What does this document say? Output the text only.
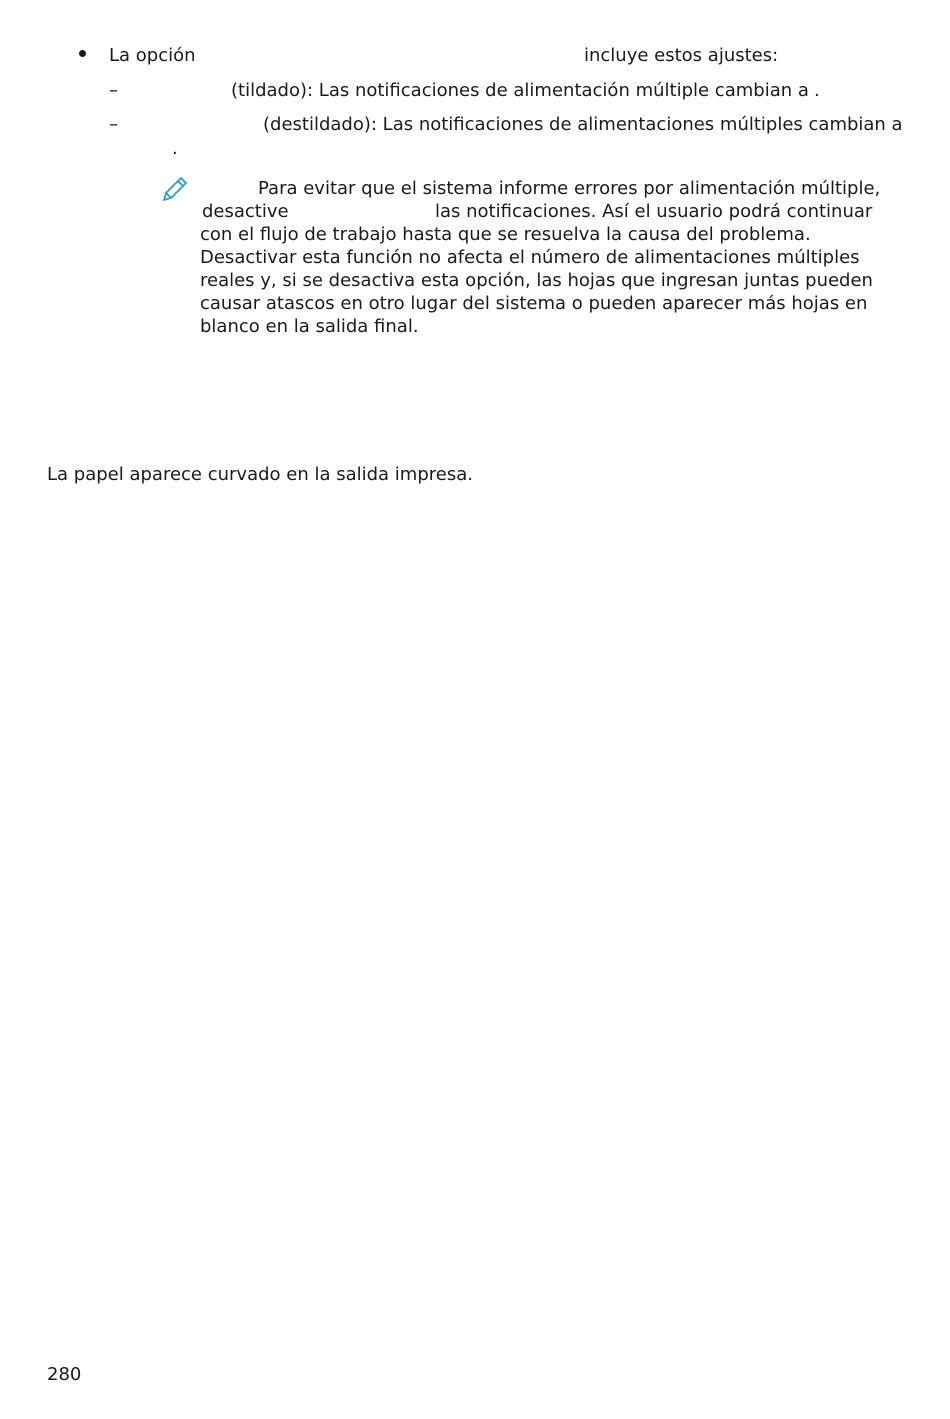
La opción	incluye estos ajustes:
–	(tildado): Las notificaciones de alimentación múltiple cambian a .
–	(destildado): Las notificaciones de alimentaciones múltiples cambian a
.
Para evitar que el sistema informe errores por alimentación múltiple,
desactive	las notificaciones. Así el usuario podrá continuar
con el flujo de trabajo hasta que se resuelva la causa del problema.
Desactivar esta función no afecta el número de alimentaciones múltiples
reales y, si se desactiva esta opción, las hojas que ingresan juntas pueden
causar atascos en otro lugar del sistema o pueden aparecer más hojas en
blanco en la salida final.
La papel aparece curvado en la salida impresa.
280
